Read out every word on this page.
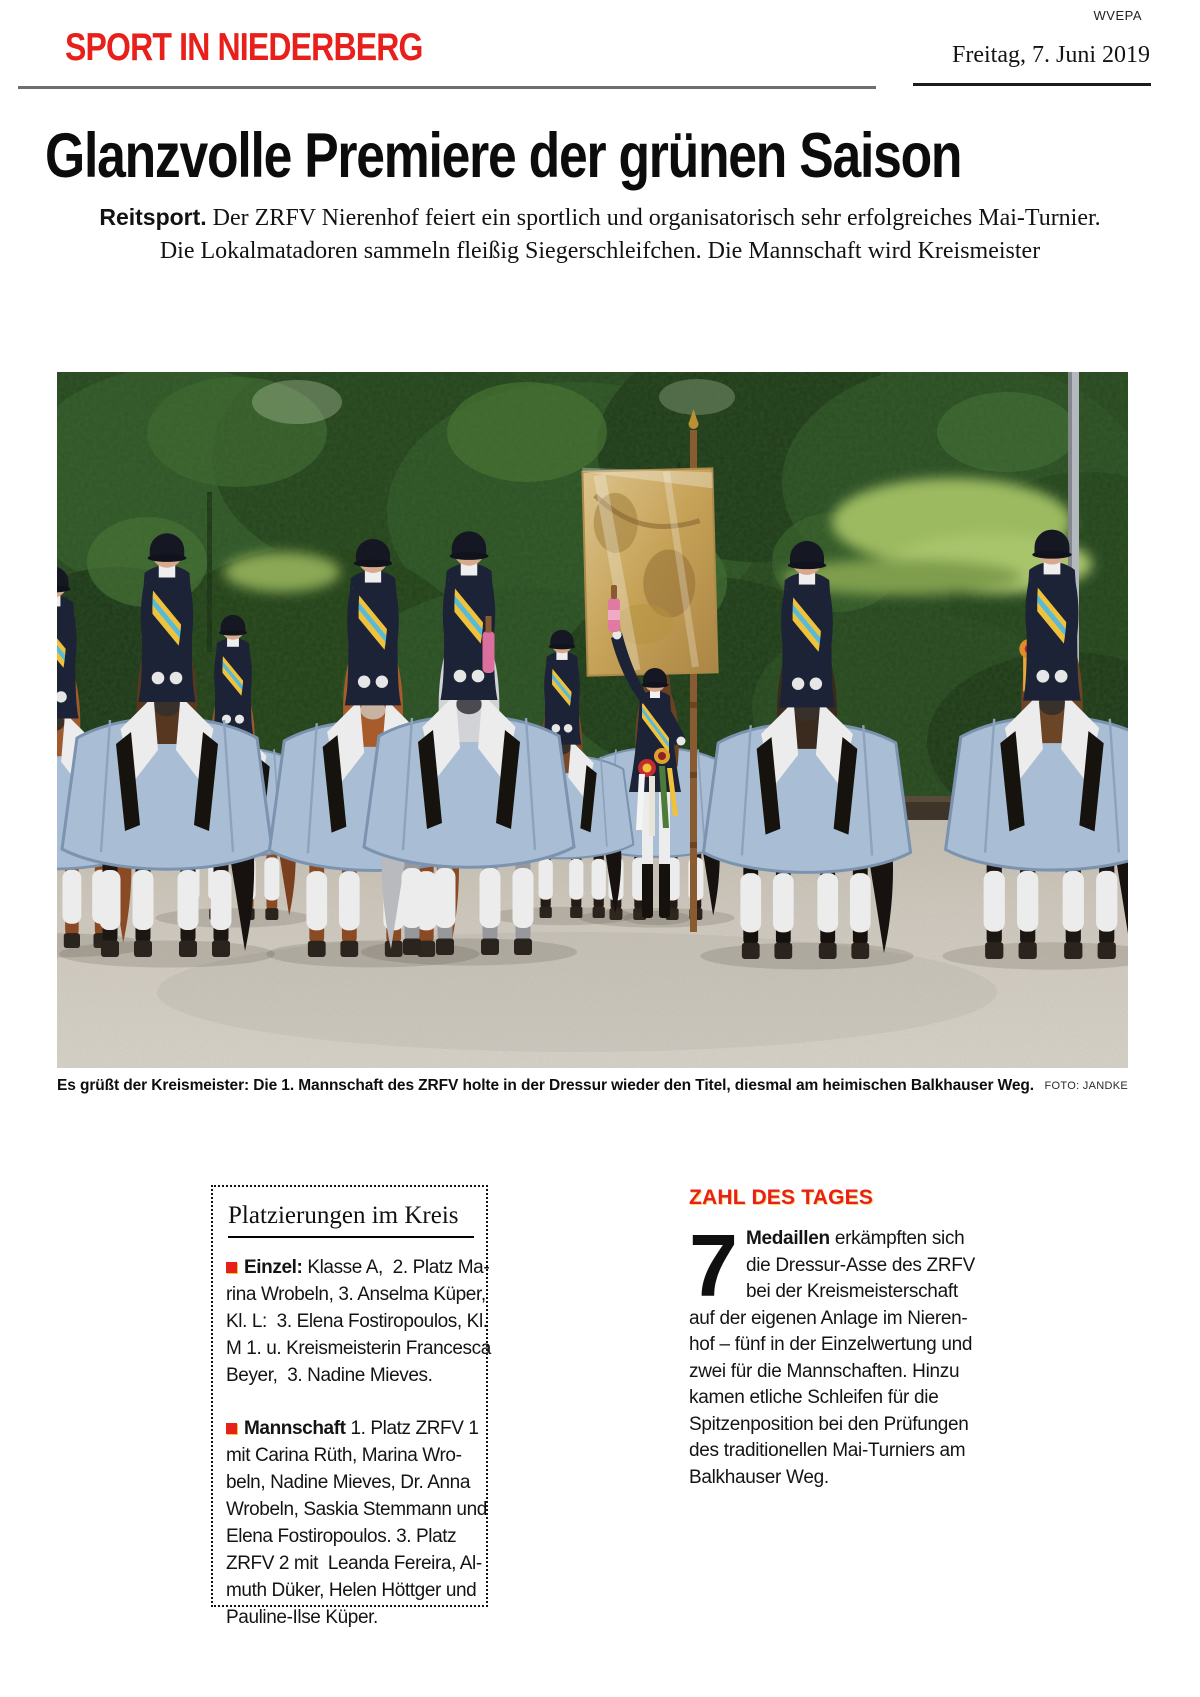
WVEPA
SPORT IN NIEDERBERG	Freitag, 7. Juni 2019
Glanzvolle Premiere der grünen Saison
Reitsport. Der ZRFV Nierenhof feiert ein sportlich und organisatorisch sehr erfolgreiches Mai-Turnier.
Die Lokalmatadoren sammeln fleißig Siegerschleifchen. Die Mannschaft wird Kreismeister
Es grüßt der Kreismeister: Die 1. Mannschaft des ZRFV holte in der Dressur wieder den Titel, diesmal am heimischen Balkhauser Weg. FOTO: JANDKE
Platzierungen im Kreis
Einzel: Klasse A,  2. Platz Ma-
rina Wrobeln, 3. Anselma Küper,
Kl. L:  3. Elena Fostiropoulos, Kl.
M 1. u. Kreismeisterin Francesca
Beyer,  3. Nadine Mieves.
Mannschaft 1. Platz ZRFV 1
mit Carina Rüth, Marina Wro-
beln, Nadine Mieves, Dr. Anna
Wrobeln, Saskia Stemmann und
Elena Fostiropoulos. 3. Platz
ZRFV 2 mit  Leanda Fereira, Al-
muth Düker, Helen Höttger und
Pauline-Ilse Küper.
ZAHL DES TAGES
7 Medaillen erkämpften sich
die Dressur-Asse des ZRFV
bei der Kreismeisterschaft
auf der eigenen Anlage im Nieren-
hof – fünf in der Einzelwertung und
zwei für die Mannschaften. Hinzu
kamen etliche Schleifen für die
Spitzenposition bei den Prüfungen
des traditionellen Mai-Turniers am
Balkhauser Weg.
